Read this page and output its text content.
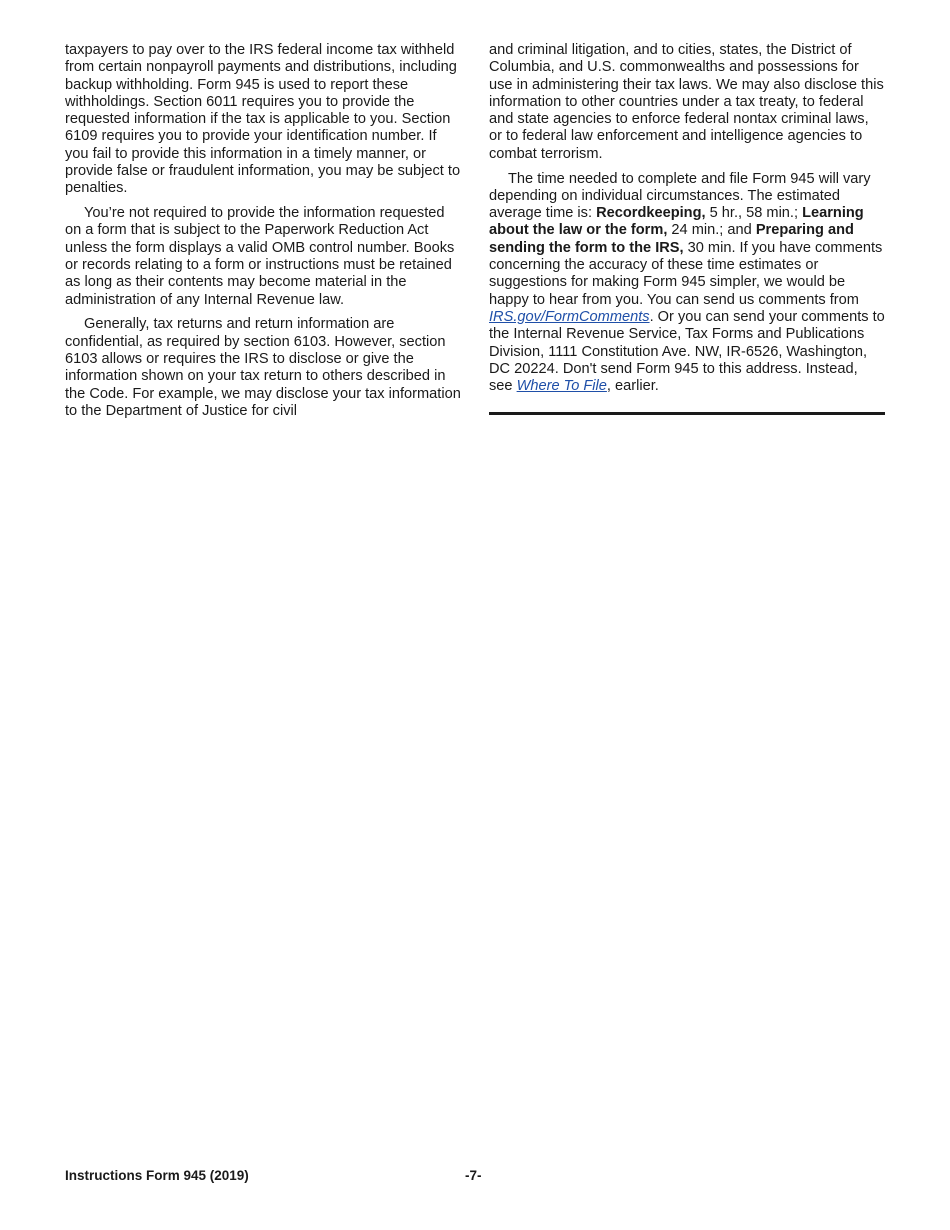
taxpayers to pay over to the IRS federal income tax withheld from certain nonpayroll payments and distributions, including backup withholding. Form 945 is used to report these withholdings. Section 6011 requires you to provide the requested information if the tax is applicable to you. Section 6109 requires you to provide your identification number. If you fail to provide this information in a timely manner, or provide false or fraudulent information, you may be subject to penalties.

You’re not required to provide the information requested on a form that is subject to the Paperwork Reduction Act unless the form displays a valid OMB control number. Books or records relating to a form or instructions must be retained as long as their contents may become material in the administration of any Internal Revenue law.

Generally, tax returns and return information are confidential, as required by section 6103. However, section 6103 allows or requires the IRS to disclose or give the information shown on your tax return to others described in the Code. For example, we may disclose your tax information to the Department of Justice for civil

and criminal litigation, and to cities, states, the District of Columbia, and U.S. commonwealths and possessions for use in administering their tax laws. We may also disclose this information to other countries under a tax treaty, to federal and state agencies to enforce federal nontax criminal laws, or to federal law enforcement and intelligence agencies to combat terrorism.

The time needed to complete and file Form 945 will vary depending on individual circumstances. The estimated average time is: Recordkeeping, 5 hr., 58 min.; Learning about the law or the form, 24 min.; and Preparing and sending the form to the IRS, 30 min. If you have comments concerning the accuracy of these time estimates or suggestions for making Form 945 simpler, we would be happy to hear from you. You can send us comments from IRS.gov/FormComments. Or you can send your comments to the Internal Revenue Service, Tax Forms and Publications Division, 1111 Constitution Ave. NW, IR-6526, Washington, DC 20224. Don't send Form 945 to this address. Instead, see Where To File, earlier.

Instructions Form 945 (2019)	-7-
